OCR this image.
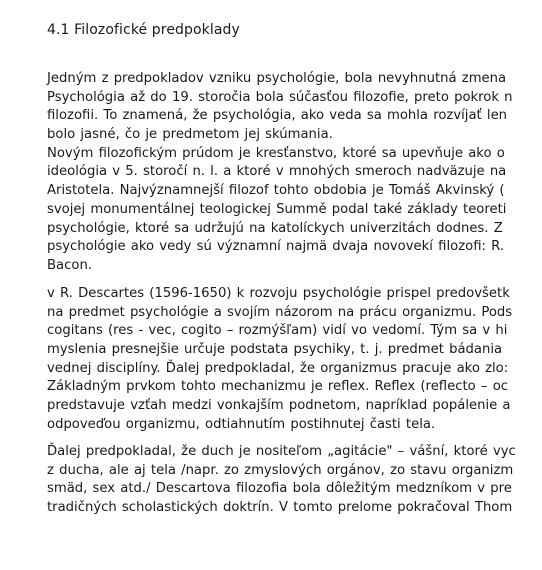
4.1 Filozofické predpoklady
Jedným z predpokladov vzniku psychológie, bola nevyhnutná zmena
Psychológia až do 19. storočia bola súčasťou filozofie, preto pokrok n
filozofii. To znamená, že psychológia, ako veda sa mohla rozvíjať len
bolo jasné, čo je predmetom jej skúmania.
Novým filozofickým prúdom je kresťanstvo, ktoré sa upevňuje ako o
ideológia v 5. storočí n. l. a ktoré v mnohých smeroch nadväzuje na
Aristotela. Najvýznamnejší filozof tohto obdobia je Tomáš Akvinský (
svojej monumentálnej teologickej Summě podal také základy teoreti
psychológie, ktoré sa udržujú na katolíckych univerzitách dodnes. Z
psychológie ako vedy sú významní najmä dvaja novovekí filozofi: R.
Bacon.
v R. Descartes (1596-1650) k rozvoju psychológie prispel predovšetk
na predmet psychológie a svojím názorom na prácu organizmu. Pods
cogitans (res - vec, cogito – rozmýšľam) vidí vo vedomí. Tým sa v hi
myslenia presnejšie určuje podstata psychiky, t. j. predmet bádania
vednej disciplíny. Ďalej predpokladal, že organizmus pracuje ako zlo:
Základným prvkom tohto mechanizmu je reflex. Reflex (reflecto – oc
predstavuje vzťah medzi vonkajším podnetom, napríklad popálenie a
odpoveďou organizmu, odtiahnutím postihnutej časti tela.
Ďalej predpokladal, že duch je nositeľom „agitácie" – vášní, ktoré vyc
z ducha, ale aj tela /napr. zo zmyslových orgánov, zo stavu organizm
smäd, sex atd./ Descartova filozofia bola dôležitým medzníkom v pre
tradičných scholastických doktrín. V tomto prelome pokračoval Thom
